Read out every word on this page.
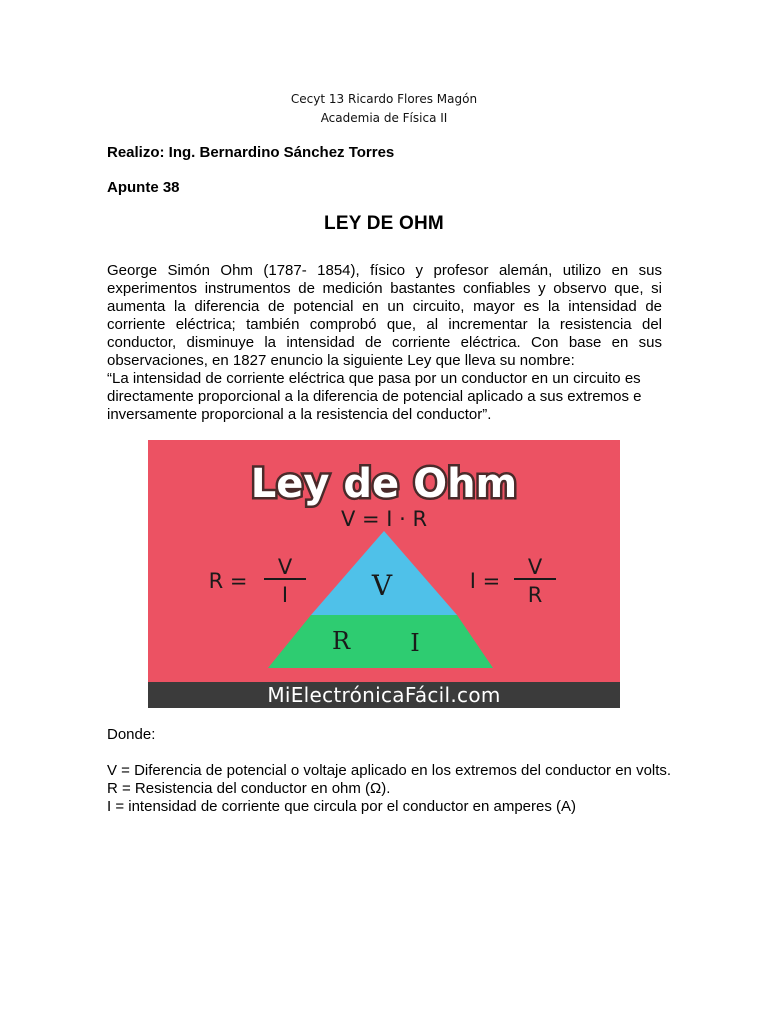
Cecyt 13 Ricardo Flores Magón
Academia de Física II
Realizo: Ing. Bernardino Sánchez Torres
Apunte 38
LEY DE OHM

George Simón Ohm (1787- 1854), físico y profesor alemán, utilizo en sus experimentos instrumentos de medición bastantes confiables y observo que, si aumenta la diferencia de potencial en un circuito, mayor es la intensidad de corriente eléctrica; también comprobó que, al incrementar la resistencia del conductor, disminuye la intensidad de corriente eléctrica. Con base en sus observaciones, en 1827 enuncio la siguiente Ley que lleva su nombre:

“La intensidad de corriente eléctrica que pasa por un conductor en un circuito es directamente proporcional a la diferencia de potencial aplicado a sus extremos e inversamente proporcional a la resistencia del conductor”.

Ley de Ohm
V = I · R
V
R	I
R =
V
I
I =
V
R
MiElectrónicaFácil.com
Donde:
V = Diferencia de potencial o voltaje aplicado en los extremos del conductor en volts.
R = Resistencia del conductor en ohm (Ω).
I = intensidad de corriente que circula por el conductor en amperes (A)
